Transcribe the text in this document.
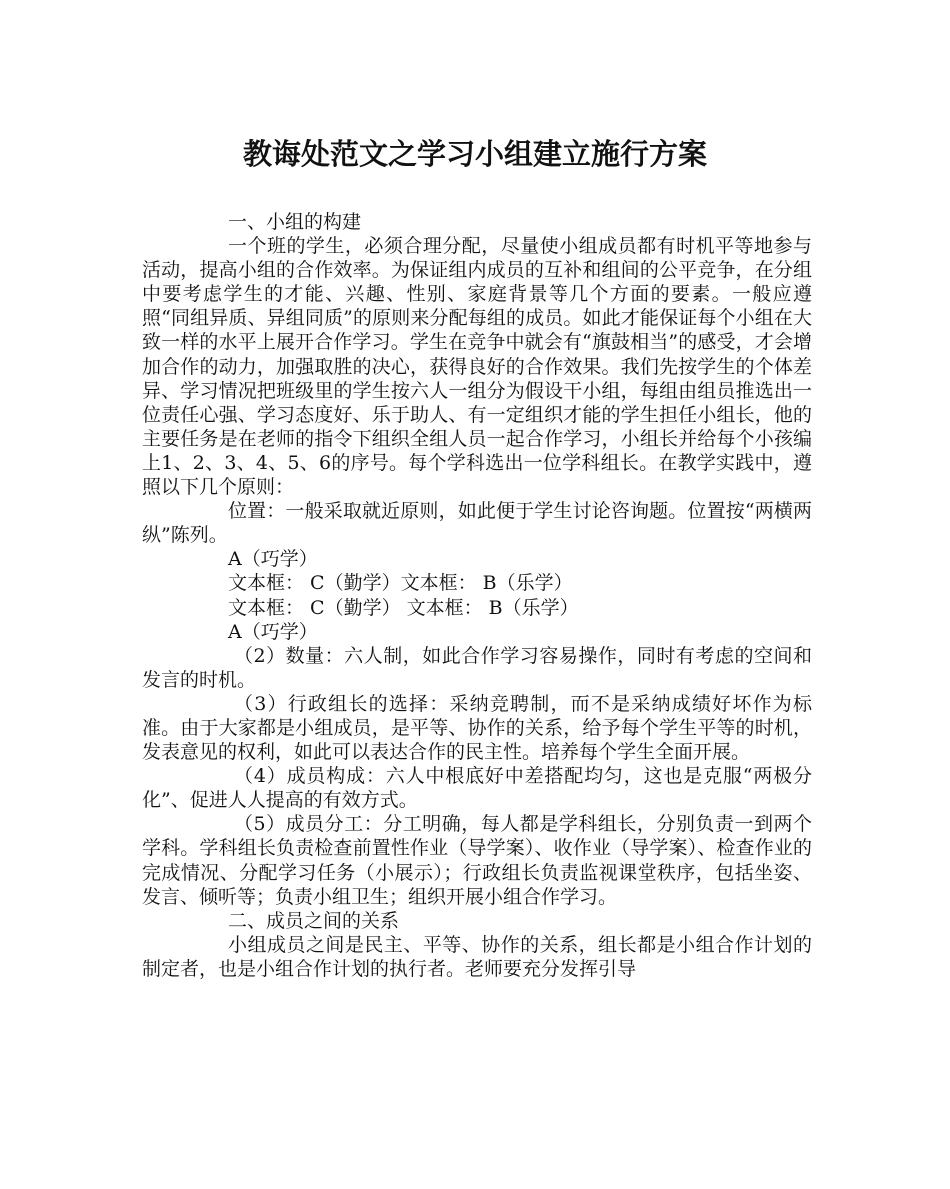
教诲处范文之学习小组建立施行方案

一、小组的构建

一个班的学生，必须合理分配，尽量使小组成员都有时机平等地参与活动，提高小组的合作效率。为保证组内成员的互补和组间的公平竞争，在分组中要考虑学生的才能、兴趣、性别、家庭背景等几个方面的要素。一般应遵照“同组异质、异组同质”的原则来分配每组的成员。如此才能保证每个小组在大致一样的水平上展开合作学习。学生在竞争中就会有“旗鼓相当”的感受，才会增加合作的动力，加强取胜的决心，获得良好的合作效果。我们先按学生的个体差异、学习情况把班级里的学生按六人一组分为假设干小组，每组由组员推选出一位责任心强、学习态度好、乐于助人、有一定组织才能的学生担任小组长，他的主要任务是在老师的指令下组织全组人员一起合作学习，小组长并给每个小孩编上1、2、3、4、5、6的序号。每个学科选出一位学科组长。在教学实践中，遵照以下几个原则：

位置：一般采取就近原则，如此便于学生讨论咨询题。位置按“两横两纵”陈列。

A（巧学）

文本框： C（勤学）文本框： B（乐学）

文本框： C（勤学） 文本框： B（乐学）

A（巧学）

（2）数量：六人制，如此合作学习容易操作，同时有考虑的空间和发言的时机。

（3）行政组长的选择：采纳竞聘制，而不是采纳成绩好坏作为标准。由于大家都是小组成员，是平等、协作的关系，给予每个学生平等的时机，发表意见的权利，如此可以表达合作的民主性。培养每个学生全面开展。

（4）成员构成：六人中根底好中差搭配均匀，这也是克服“两极分化”、促进人人提高的有效方式。

（5）成员分工：分工明确，每人都是学科组长，分别负责一到两个学科。学科组长负责检查前置性作业（导学案）、收作业（导学案）、检查作业的完成情况、分配学习任务（小展示）；行政组长负责监视课堂秩序，包括坐姿、发言、倾听等；负责小组卫生；组织开展小组合作学习。

二、成员之间的关系

小组成员之间是民主、平等、协作的关系，组长都是小组合作计划的制定者，也是小组合作计划的执行者。老师要充分发挥引导
